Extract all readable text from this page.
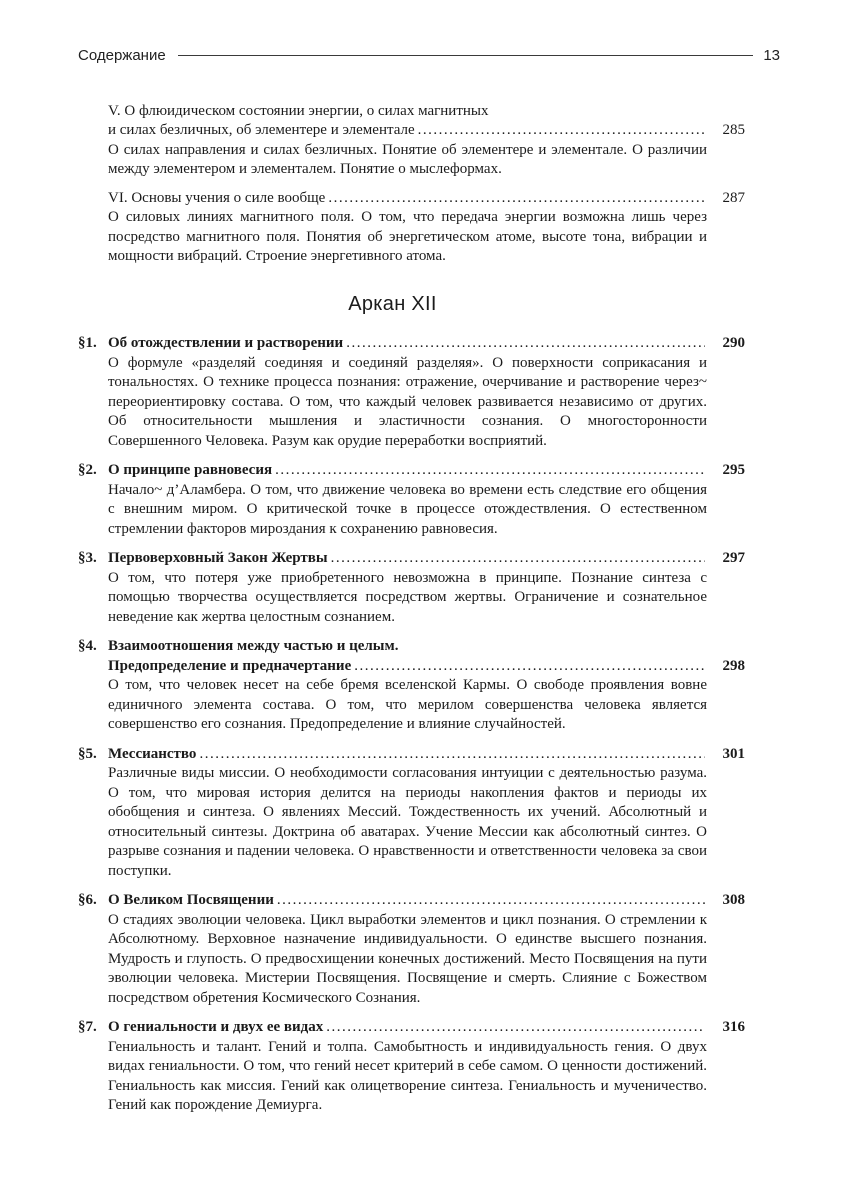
Содержание	13
V. О флюидическом состоянии энергии, о силах магнитных
и силах безличных, об элементере и элементале .....	285
О силах направления и силах безличных. Понятие об элементере и элементале. О различии между элементером и элементалем. Понятие о мыслеформах.
VI. Основы учения о силе вообще .....	287
О силовых линиях магнитного поля. О том, что передача энергии возможна лишь через посредство магнитного поля. Понятия об энергетическом атоме, высоте тона, вибрации и мощности вибраций. Строение энергетивного атома.
Аркан XII
§1. Об отождествлении и растворении .....	290
О формуле «разделяй соединяя и соединяй разделяя». О поверхности соприкасания и тональностях. О технике процесса познания: отражение, очерчивание и растворение через~ переориентировку состава. О том, что каждый человек развивается независимо от других. Об относительности мышления и эластичности сознания. О многосторонности Совершенного Человека. Разум как орудие переработки восприятий.
§2. О принципе равновесия .....	295
Начало~ д’Аламбера. О том, что движение человека во времени есть следствие его общения с внешним миром. О критической точке в процессе отождествления. О естественном стремлении факторов мироздания к сохранению равновесия.
§3. Первоверховный Закон Жертвы .....	297
О том, что потеря уже приобретенного невозможна в принципе. Познание синтеза с помощью творчества осуществляется посредством жертвы. Ограничение и сознательное неведение как жертва целостным сознанием.
§4. Взаимоотношения между частью и целым.
Предопределение и предначертание .....	298
О том, что человек несет на себе бремя вселенской Кармы. О свободе проявления вовне единичного элемента состава. О том, что мерилом совершенства человека является совершенство его сознания. Предопределение и влияние случайностей.
§5. Мессианство .....	301
Различные виды миссии. О необходимости согласования интуиции с деятельностью разума. О том, что мировая история делится на периоды накопления фактов и периоды их обобщения и синтеза. О явлениях Мессий. Тождественность их учений. Абсолютный и относительный синтезы. Доктрина об аватарах. Учение Мессии как абсолютный синтез. О разрыве сознания и падении человека. О нравственности и ответственности человека за свои поступки.
§6. О Великом Посвящении .....	308
О стадиях эволюции человека. Цикл выработки элементов и цикл познания. О стремлении к Абсолютному. Верховное назначение индивидуальности. О единстве высшего познания. Мудрость и глупость. О предвосхищении конечных достижений. Место Посвящения на пути эволюции человека. Мистерии Посвящения. Посвящение и смерть. Слияние с Божеством посредством обретения Космического Сознания.
§7. О гениальности и двух ее видах .....	316
Гениальность и талант. Гений и толпа. Самобытность и индивидуальность гения. О двух видах гениальности. О том, что гений несет критерий в себе самом. О ценности достижений. Гениальность как миссия. Гений как олицетворение синтеза. Гениальность и мученичество. Гений как порождение Демиурга.
